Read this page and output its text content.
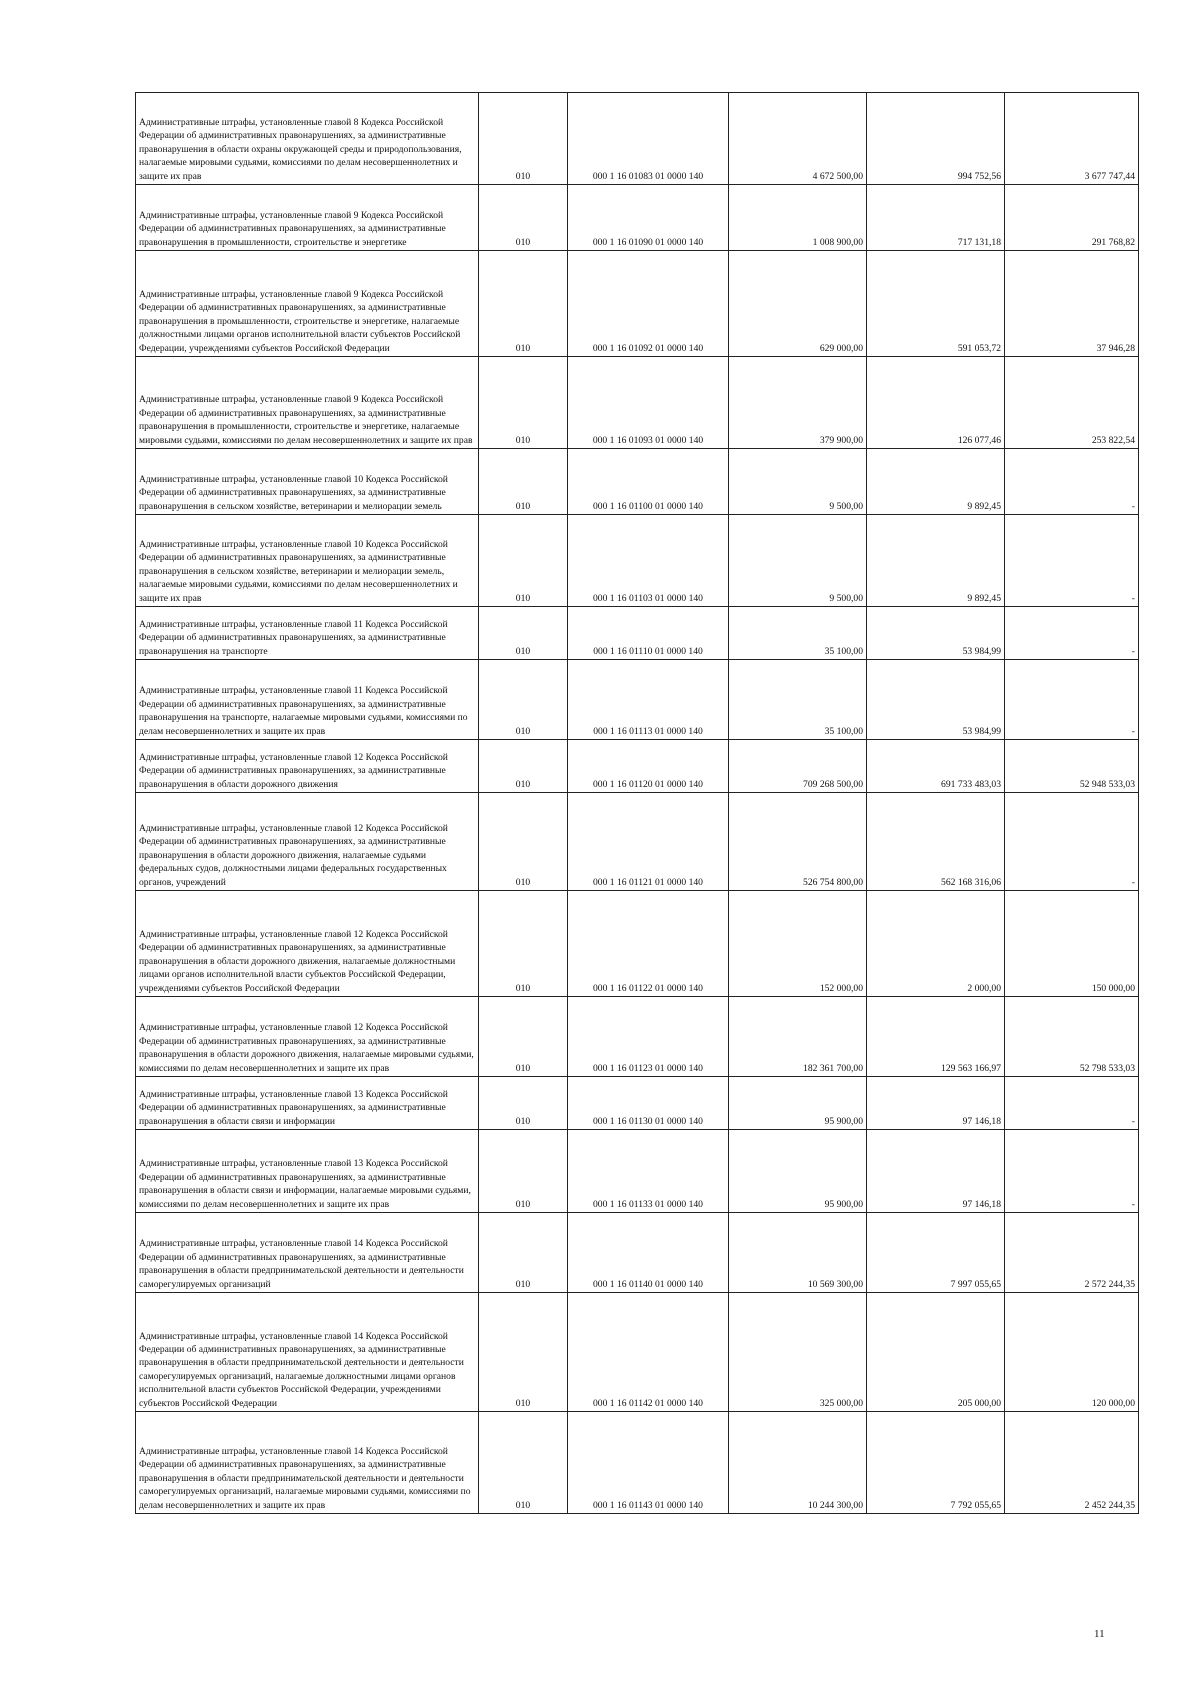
Административные штрафы, установленные главой 8 Кодекса Российской Федерации об административных правонарушениях, за административные правонарушения в области охраны окружающей среды и природопользования, налагаемые мировыми судьями, комиссиями по делам несовершеннолетних и защите их прав	010	000 1 16 01083 01 0000 140	4 672 500,00	994 752,56	3 677 747,44
Административные штрафы, установленные главой 9 Кодекса Российской Федерации об административных правонарушениях, за административные правонарушения в промышленности, строительстве и энергетике	010	000 1 16 01090 01 0000 140	1 008 900,00	717 131,18	291 768,82
Административные штрафы, установленные главой 9 Кодекса Российской Федерации об административных правонарушениях, за административные правонарушения в промышленности, строительстве и энергетике, налагаемые должностными лицами органов исполнительной власти субъектов Российской Федерации, учреждениями субъектов Российской Федерации	010	000 1 16 01092 01 0000 140	629 000,00	591 053,72	37 946,28
Административные штрафы, установленные главой 9 Кодекса Российской Федерации об административных правонарушениях, за административные правонарушения в промышленности, строительстве и энергетике, налагаемые мировыми судьями, комиссиями по делам несовершеннолетних и защите их прав	010	000 1 16 01093 01 0000 140	379 900,00	126 077,46	253 822,54
Административные штрафы, установленные главой 10 Кодекса Российской Федерации об административных правонарушениях, за административные правонарушения в сельском хозяйстве, ветеринарии и мелиорации земель	010	000 1 16 01100 01 0000 140	9 500,00	9 892,45	-
Административные штрафы, установленные главой 10 Кодекса Российской Федерации об административных правонарушениях, за административные правонарушения в сельском хозяйстве, ветеринарии и мелиорации земель, налагаемые мировыми судьями, комиссиями по делам несовершеннолетних и защите их прав	010	000 1 16 01103 01 0000 140	9 500,00	9 892,45	-
Административные штрафы, установленные главой 11 Кодекса Российской Федерации об административных правонарушениях, за административные правонарушения на транспорте	010	000 1 16 01110 01 0000 140	35 100,00	53 984,99	-
Административные штрафы, установленные главой 11 Кодекса Российской Федерации об административных правонарушениях, за административные правонарушения на транспорте, налагаемые мировыми судьями, комиссиями по делам несовершеннолетних и защите их прав	010	000 1 16 01113 01 0000 140	35 100,00	53 984,99	-
Административные штрафы, установленные главой 12 Кодекса Российской Федерации об административных правонарушениях, за административные правонарушения в области дорожного движения	010	000 1 16 01120 01 0000 140	709 268 500,00	691 733 483,03	52 948 533,03
Административные штрафы, установленные главой 12 Кодекса Российской Федерации об административных правонарушениях, за административные правонарушения в области дорожного движения, налагаемые судьями федеральных судов, должностными лицами федеральных государственных органов, учреждений	010	000 1 16 01121 01 0000 140	526 754 800,00	562 168 316,06	-
Административные штрафы, установленные главой 12 Кодекса Российской Федерации об административных правонарушениях, за административные правонарушения в области дорожного движения, налагаемые должностными лицами органов исполнительной власти субъектов Российской Федерации, учреждениями субъектов Российской Федерации	010	000 1 16 01122 01 0000 140	152 000,00	2 000,00	150 000,00
Административные штрафы, установленные главой 12 Кодекса Российской Федерации об административных правонарушениях, за административные правонарушения в области дорожного движения, налагаемые мировыми судьями, комиссиями по делам несовершеннолетних и защите их прав	010	000 1 16 01123 01 0000 140	182 361 700,00	129 563 166,97	52 798 533,03
Административные штрафы, установленные главой 13 Кодекса Российской Федерации об административных правонарушениях, за административные правонарушения в области связи и информации	010	000 1 16 01130 01 0000 140	95 900,00	97 146,18	-
Административные штрафы, установленные главой 13 Кодекса Российской Федерации об административных правонарушениях, за административные правонарушения в области связи и информации, налагаемые мировыми судьями, комиссиями по делам несовершеннолетних и защите их прав	010	000 1 16 01133 01 0000 140	95 900,00	97 146,18	-
Административные штрафы, установленные главой 14 Кодекса Российской Федерации об административных правонарушениях, за административные правонарушения в области предпринимательской деятельности и деятельности саморегулируемых организаций	010	000 1 16 01140 01 0000 140	10 569 300,00	7 997 055,65	2 572 244,35
Административные штрафы, установленные главой 14 Кодекса Российской Федерации об административных правонарушениях, за административные правонарушения в области предпринимательской деятельности и деятельности саморегулируемых организаций, налагаемые должностными лицами органов исполнительной власти субъектов Российской Федерации, учреждениями субъектов Российской Федерации	010	000 1 16 01142 01 0000 140	325 000,00	205 000,00	120 000,00
Административные штрафы, установленные главой 14 Кодекса Российской Федерации об административных правонарушениях, за административные правонарушения в области предпринимательской деятельности и деятельности саморегулируемых организаций, налагаемые мировыми судьями, комиссиями по делам несовершеннолетних и защите их прав	010	000 1 16 01143 01 0000 140	10 244 300,00	7 792 055,65	2 452 244,35
11
